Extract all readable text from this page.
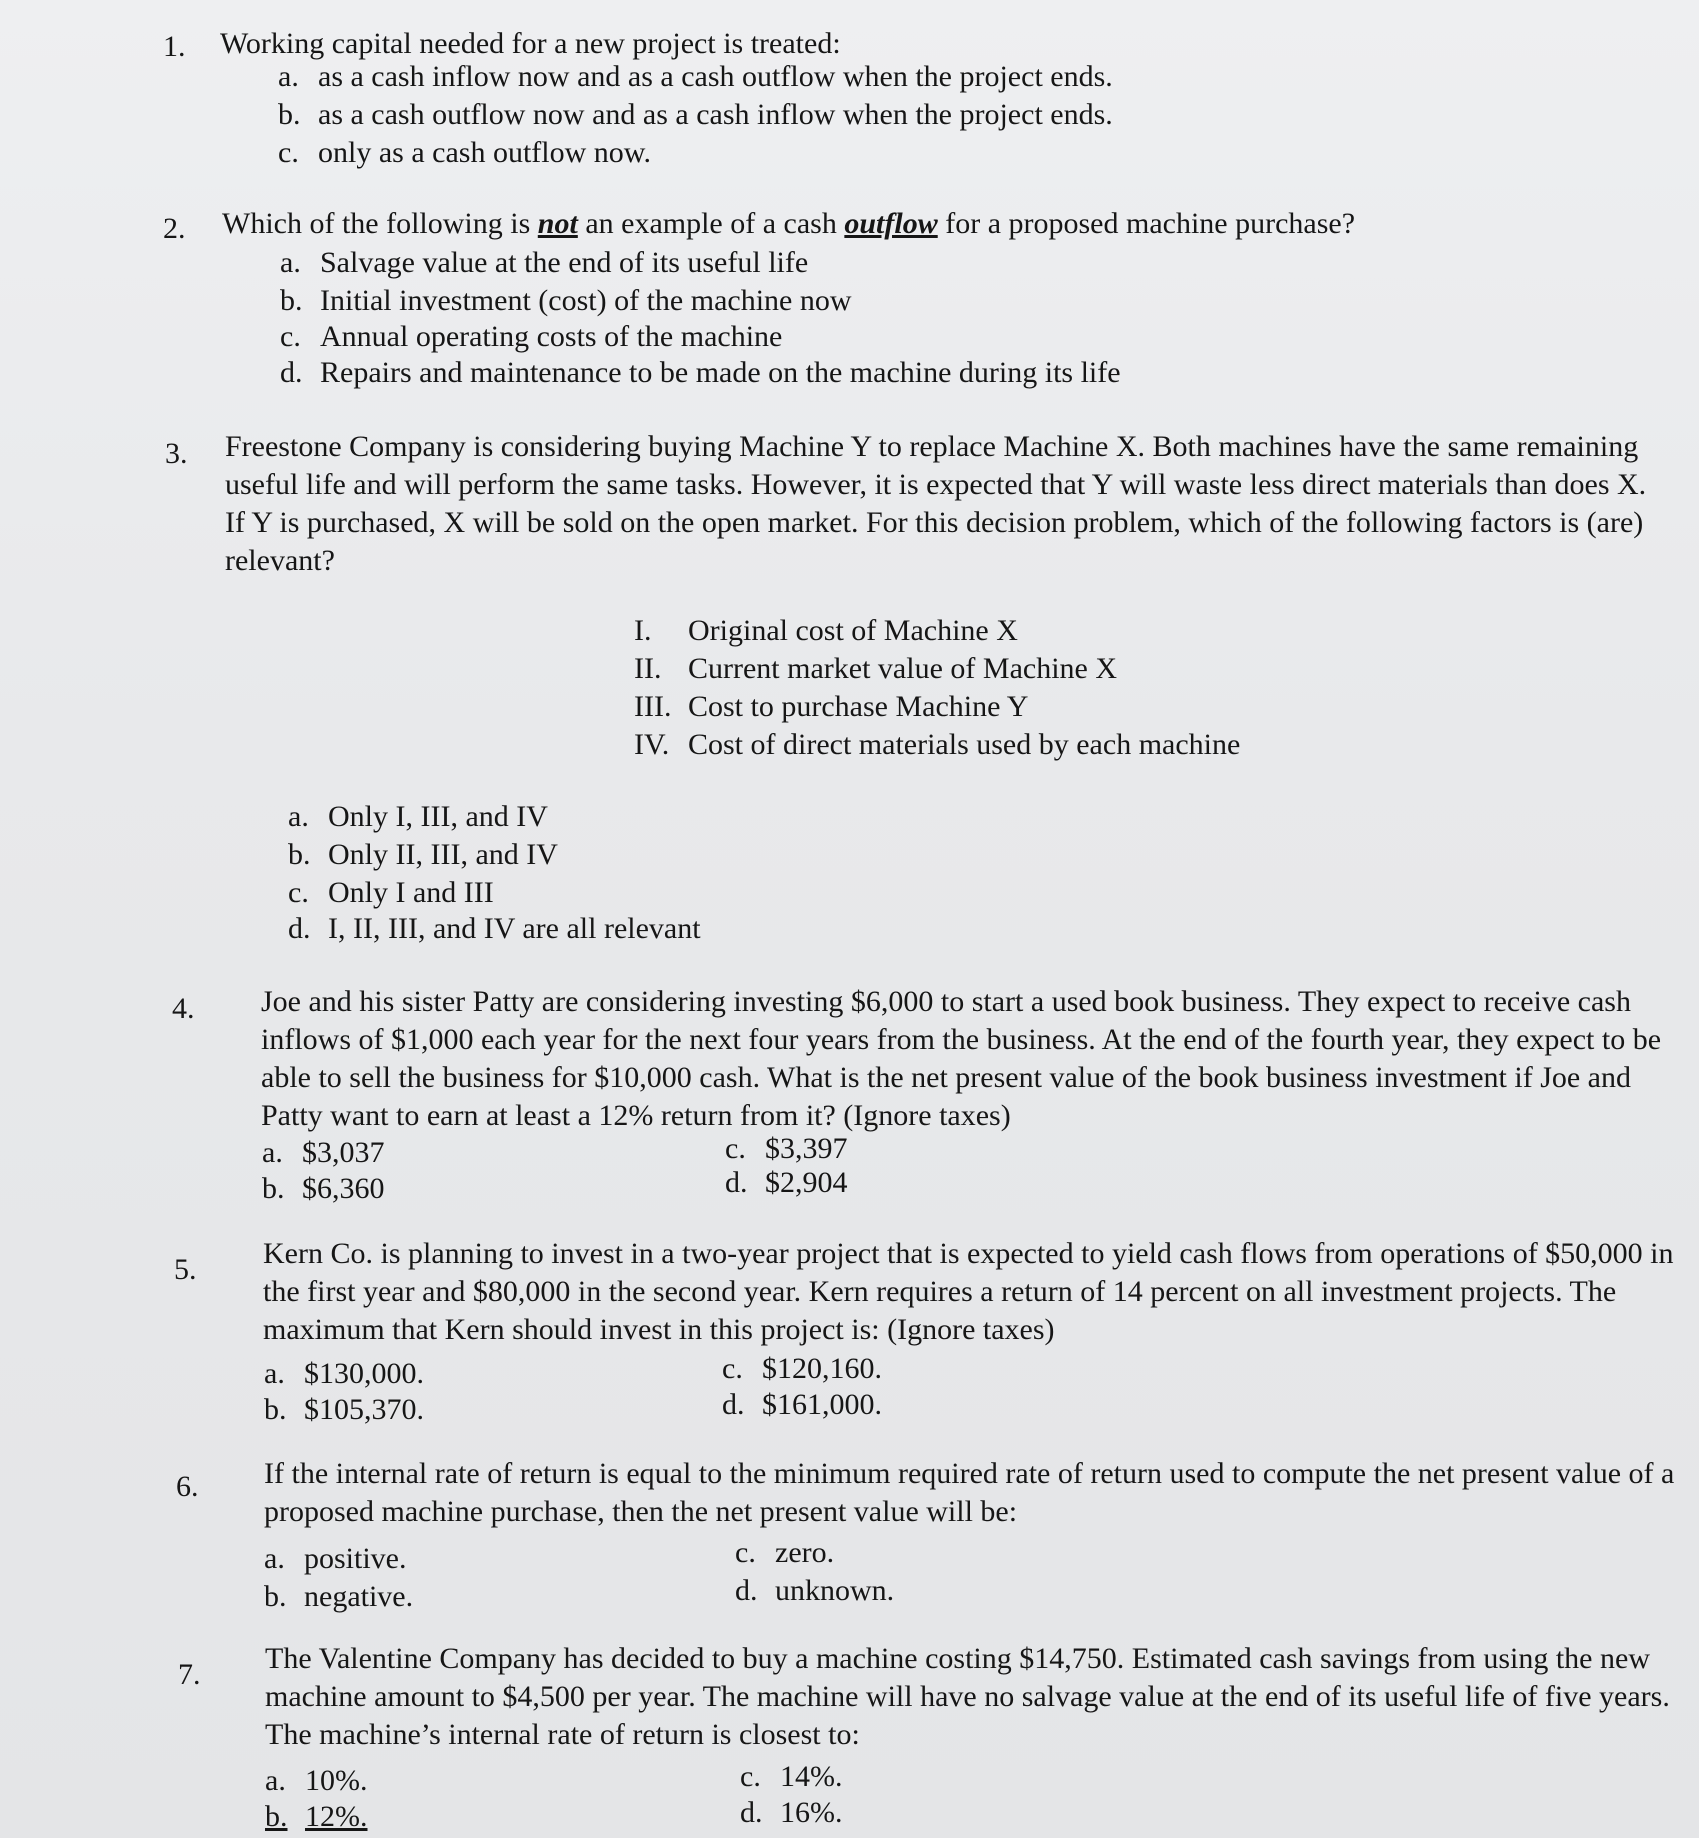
1. Working capital needed for a new project is treated:
a. as a cash inflow now and as a cash outflow when the project ends.
b. as a cash outflow now and as a cash inflow when the project ends.
c. only as a cash outflow now.
2. Which of the following is not an example of a cash outflow for a proposed machine purchase?
a. Salvage value at the end of its useful life
b. Initial investment (cost) of the machine now
c. Annual operating costs of the machine
d. Repairs and maintenance to be made on the machine during its life
3. Freestone Company is considering buying Machine Y to replace Machine X. Both machines have the same remaining useful life and will perform the same tasks. However, it is expected that Y will waste less direct materials than does X. If Y is purchased, X will be sold on the open market. For this decision problem, which of the following factors is (are) relevant?
I. Original cost of Machine X
II. Current market value of Machine X
III. Cost to purchase Machine Y
IV. Cost of direct materials used by each machine
a. Only I, III, and IV
b. Only II, III, and IV
c. Only I and III
d. I, II, III, and IV are all relevant
4. Joe and his sister Patty are considering investing $6,000 to start a used book business. They expect to receive cash inflows of $1,000 each year for the next four years from the business. At the end of the fourth year, they expect to be able to sell the business for $10,000 cash. What is the net present value of the book business investment if Joe and Patty want to earn at least a 12% return from it? (Ignore taxes)
a. $3,037
b. $6,360
c. $3,397
d. $2,904
5. Kern Co. is planning to invest in a two-year project that is expected to yield cash flows from operations of $50,000 in the first year and $80,000 in the second year. Kern requires a return of 14 percent on all investment projects. The maximum that Kern should invest in this project is: (Ignore taxes)
a. $130,000.
b. $105,370.
c. $120,160.
d. $161,000.
6. If the internal rate of return is equal to the minimum required rate of return used to compute the net present value of a proposed machine purchase, then the net present value will be:
a. positive.
b. negative.
c. zero.
d. unknown.
7. The Valentine Company has decided to buy a machine costing $14,750. Estimated cash savings from using the new machine amount to $4,500 per year. The machine will have no salvage value at the end of its useful life of five years. The machine’s internal rate of return is closest to:
a. 10%.
b. 12%.
c. 14%.
d. 16%.
